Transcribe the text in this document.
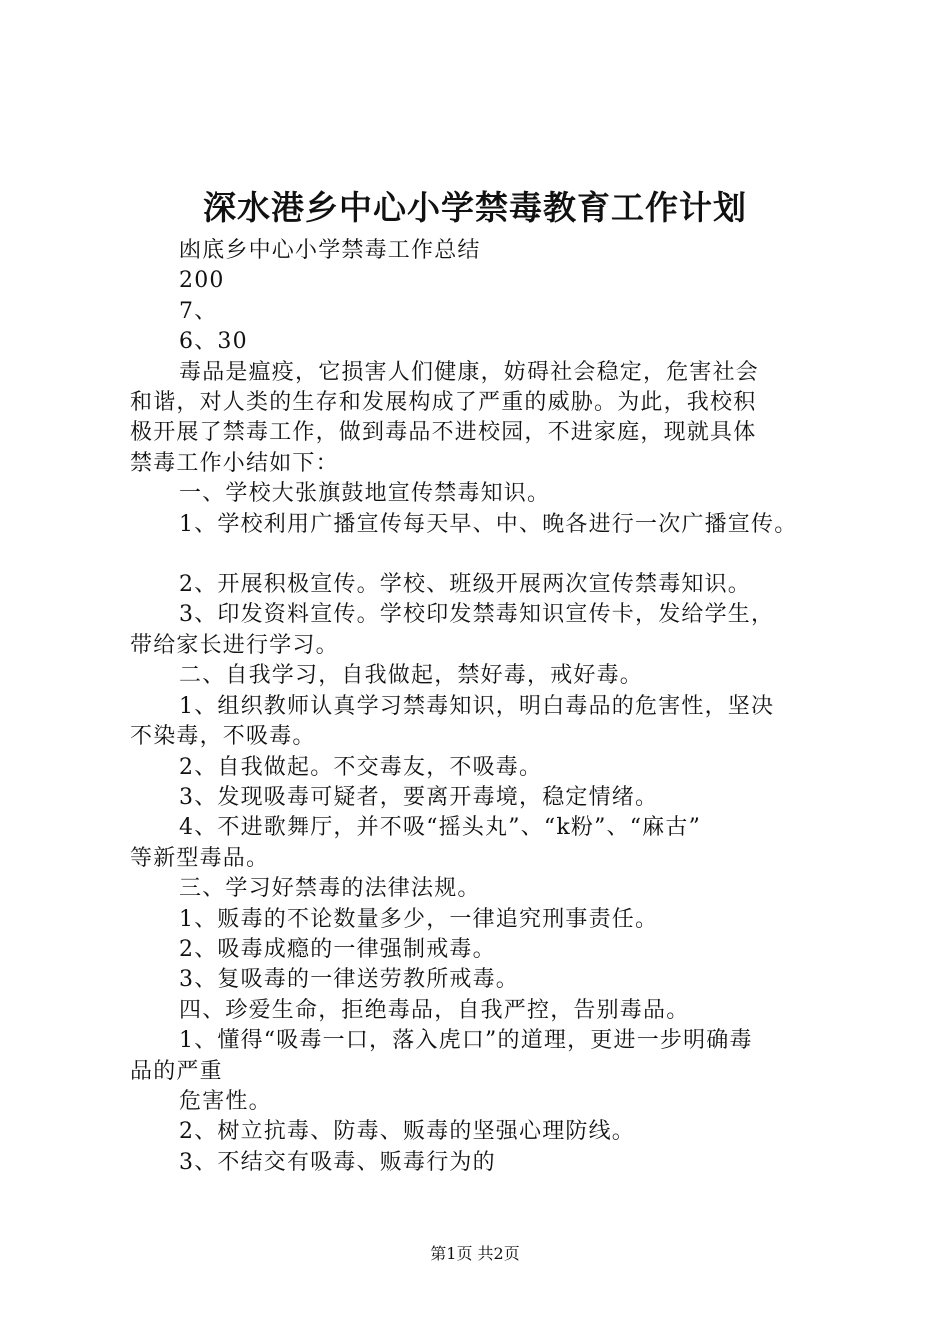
深水港乡中心小学禁毒教育工作计划

凼底乡中心小学禁毒工作总结

200

7、

6、30

毒品是瘟疫，它损害人们健康，妨碍社会稳定，危害社会

和谐，对人类的生存和发展构成了严重的威胁。为此，我校积

极开展了禁毒工作，做到毒品不进校园，不进家庭，现就具体

禁毒工作小结如下：

一、学校大张旗鼓地宣传禁毒知识。

1、学校利用广播宣传每天早、中、晚各进行一次广播宣传。

2、开展积极宣传。学校、班级开展两次宣传禁毒知识。

3、印发资料宣传。学校印发禁毒知识宣传卡，发给学生，

带给家长进行学习。

二、自我学习，自我做起，禁好毒，戒好毒。

1、组织教师认真学习禁毒知识，明白毒品的危害性，坚决

不染毒，不吸毒。

2、自我做起。不交毒友，不吸毒。

3、发现吸毒可疑者，要离开毒境，稳定情绪。

4、不进歌舞厅，并不吸“摇头丸”、“k粉”、“麻古”

等新型毒品。

三、学习好禁毒的法律法规。

1、贩毒的不论数量多少，一律追究刑事责任。

2、吸毒成瘾的一律强制戒毒。

3、复吸毒的一律送劳教所戒毒。

四、珍爱生命，拒绝毒品，自我严控，告别毒品。

1、懂得“吸毒一口，落入虎口”的道理，更进一步明确毒

品的严重

危害性。

2、树立抗毒、防毒、贩毒的坚强心理防线。

3、不结交有吸毒、贩毒行为的

第1页 共2页
